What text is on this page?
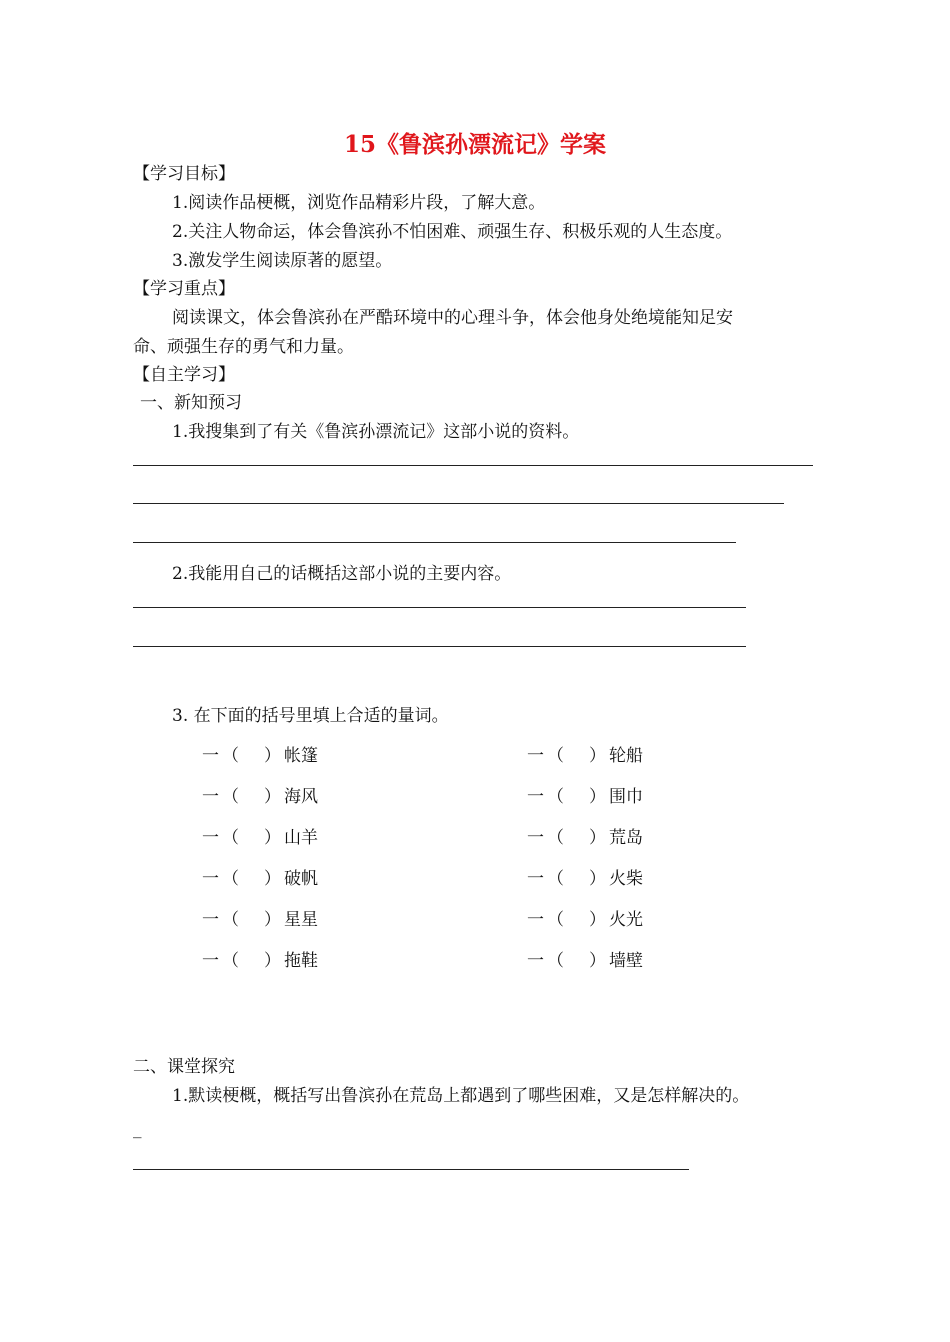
15《鲁滨孙漂流记》学案
【学习目标】
1.阅读作品梗概，浏览作品精彩片段，了解大意。
2.关注人物命运，体会鲁滨孙不怕困难、顽强生存、积极乐观的人生态度。
3.激发学生阅读原著的愿望。
【学习重点】
阅读课文，体会鲁滨孙在严酷环境中的心理斗争，体会他身处绝境能知足安
命、顽强生存的勇气和力量。
【自主学习】
一、新知预习
1.我搜集到了有关《鲁滨孙漂流记》这部小说的资料。
2.我能用自己的话概括这部小说的主要内容。
3. 在下面的括号里填上合适的量词。
一 （ ） 帐篷
一 （ ） 海风
一 （ ） 山羊
一 （ ） 破帆
一 （ ） 星星
一 （ ） 拖鞋
一 （ ） 轮船
一 （ ） 围巾
一 （ ） 荒岛
一 （ ） 火柴
一 （ ） 火光
一 （ ） 墙壁
二、课堂探究
1.默读梗概，概括写出鲁滨孙在荒岛上都遇到了哪些困难，又是怎样解决的。
_
